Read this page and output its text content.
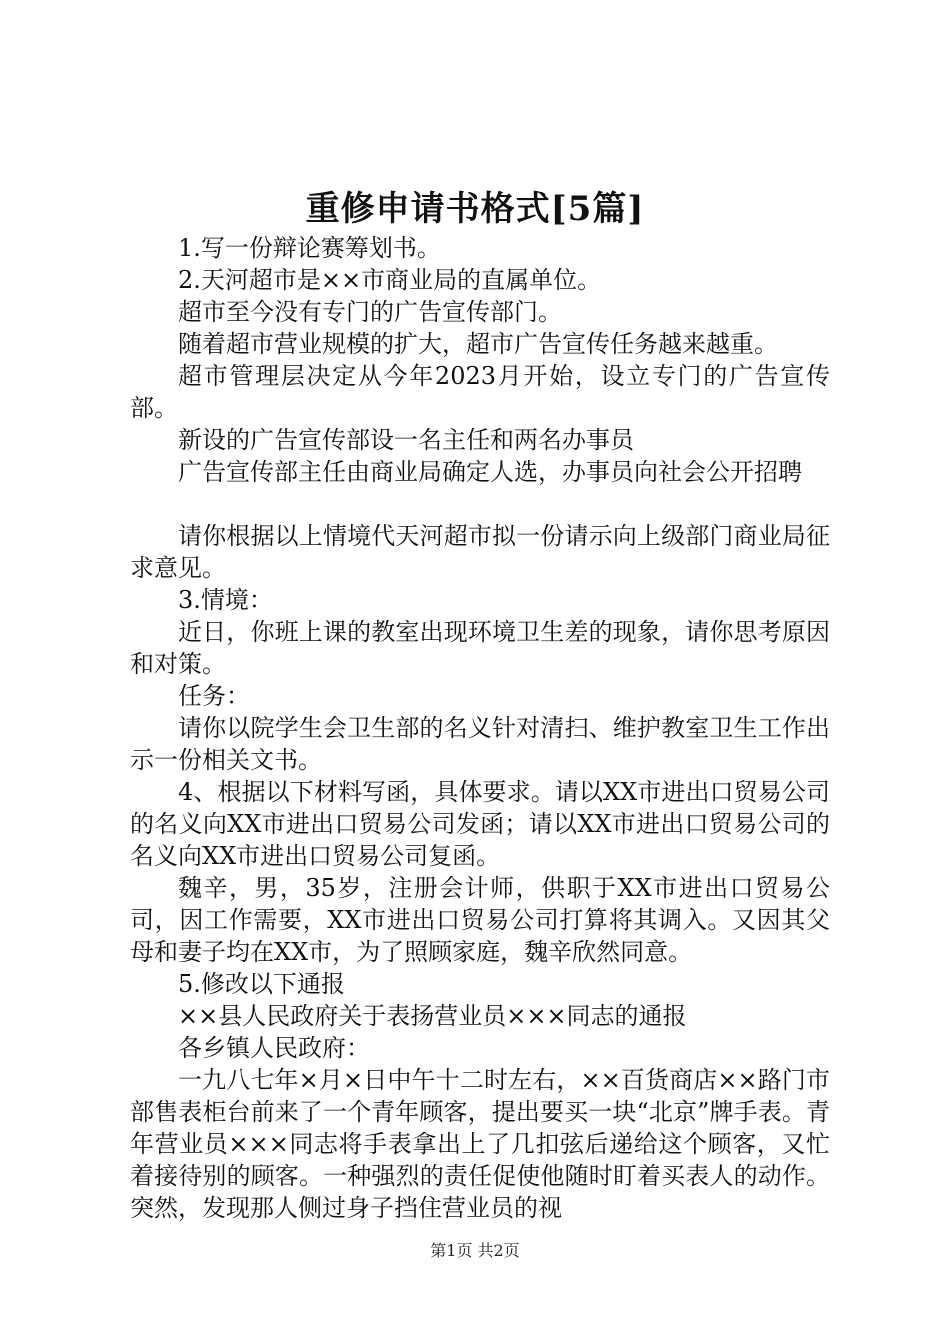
重修申请书格式[5篇]

1.写一份辩论赛筹划书。

2.天河超市是××市商业局的直属单位。

超市至今没有专门的广告宣传部门。

随着超市营业规模的扩大，超市广告宣传任务越来越重。

超市管理层决定从今年2023月开始，设立专门的广告宣传部。

新设的广告宣传部设一名主任和两名办事员

广告宣传部主任由商业局确定人选，办事员向社会公开招聘

请你根据以上情境代天河超市拟一份请示向上级部门商业局征求意见。

3.情境：

近日，你班上课的教室出现环境卫生差的现象，请你思考原因和对策。

任务：

请你以院学生会卫生部的名义针对清扫、维护教室卫生工作出示一份相关文书。

4、根据以下材料写函，具体要求。请以XX市进出口贸易公司的名义向XX市进出口贸易公司发函；请以XX市进出口贸易公司的名义向XX市进出口贸易公司复函。

魏辛，男，35岁，注册会计师，供职于XX市进出口贸易公司，因工作需要，XX市进出口贸易公司打算将其调入。又因其父母和妻子均在XX市，为了照顾家庭，魏辛欣然同意。

5.修改以下通报

××县人民政府关于表扬营业员×××同志的通报

各乡镇人民政府：

一九八七年×月×日中午十二时左右，××百货商店××路门市部售表柜台前来了一个青年顾客，提出要买一块“北京”牌手表。青年营业员×××同志将手表拿出上了几扣弦后递给这个顾客，又忙着接待别的顾客。一种强烈的责任促使他随时盯着买表人的动作。突然，发现那人侧过身子挡住营业员的视

第1页 共2页
